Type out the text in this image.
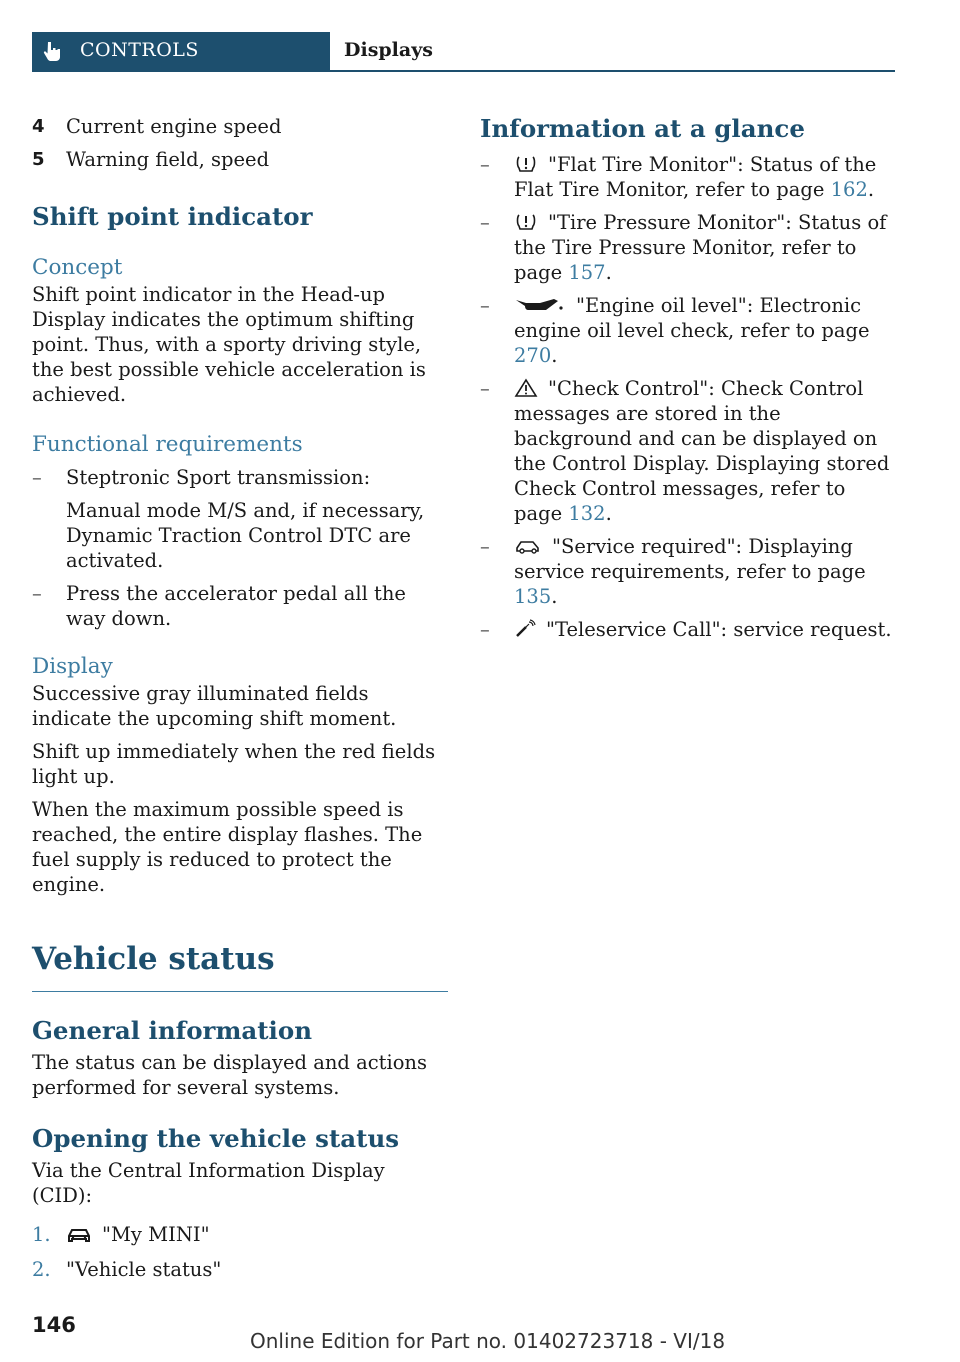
CONTROLS	Displays
4	Current engine speed
5	Warning field, speed
Shift point indicator
Concept

Shift point indicator in the Head-up Display indicates the optimum shifting point. Thus, with a sporty driving style, the best possible vehicle acceleration is achieved.

Functional requirements
–	Steptronic Sport transmission:

Manual mode M/S and, if necessary, Dynamic Traction Control DTC are activated.

–	Press the accelerator pedal all the way down.
Display

Successive gray illuminated fields indicate the upcoming shift moment.

Shift up immediately when the red fields light up.

When the maximum possible speed is reached, the entire display flashes. The fuel supply is reduced to protect the engine.

Vehicle status
General information

The status can be displayed and actions performed for several systems.

Opening the vehicle status

Via the Central Information Display (CID):

1.	"My MINI"
2. "Vehicle status"
Information at a glance
–	"Flat Tire Monitor": Status of the Flat Tire Monitor, refer to page 162.
–	"Tire Pressure Monitor": Status of the Tire Pressure Monitor, refer to page 157.
–	"Engine oil level": Electronic engine oil level check, refer to page 270.
–	"Check Control": Check Control messages are stored in the background and can be displayed on the Control Display. Displaying stored Check Control messages, refer to page 132.
–	"Service required": Displaying service requirements, refer to page 135.
–	"Teleservice Call": service request.
146
Online Edition for Part no. 01402723718 - VI/18
